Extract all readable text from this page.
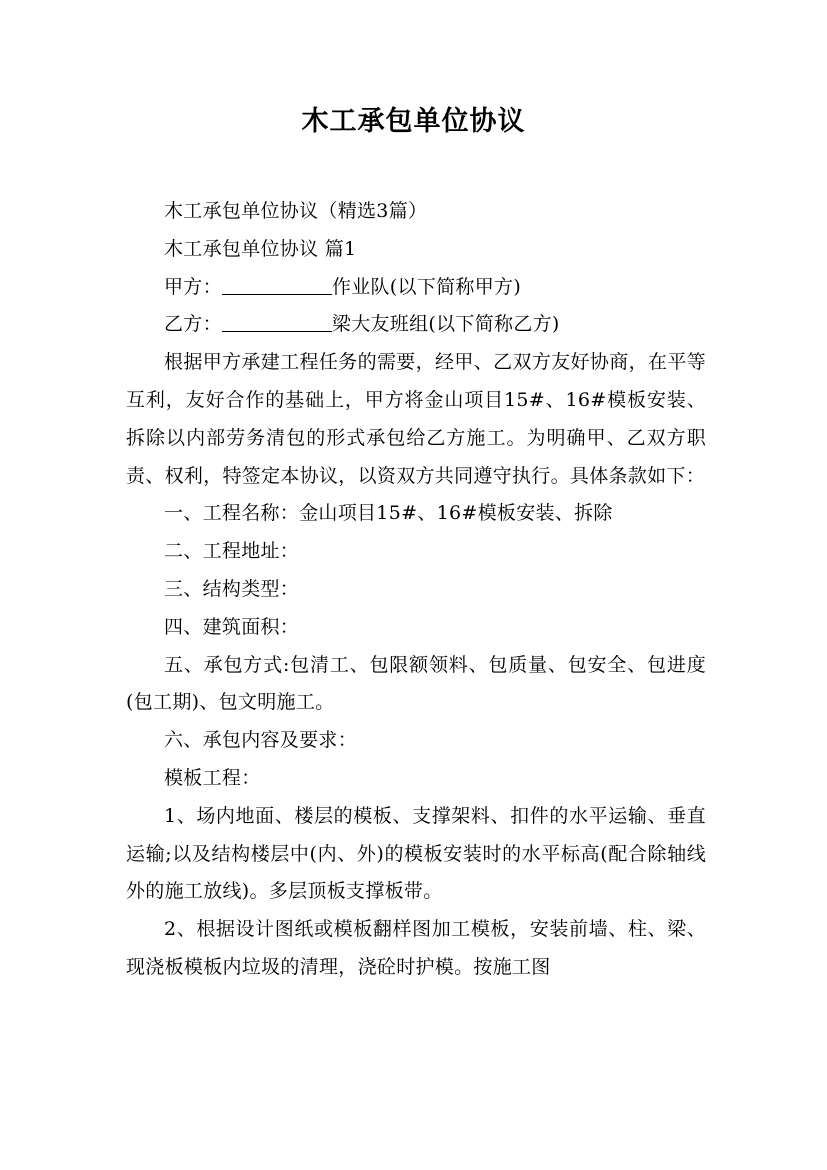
木工承包单位协议

木工承包单位协议（精选3篇）

木工承包单位协议 篇1

甲方：	作业队(以下简称甲方)

乙方：	梁大友班组(以下简称乙方)

根据甲方承建工程任务的需要，经甲、乙双方友好协商，在平等互利，友好合作的基础上，甲方将金山项目15#、16#模板安装、拆除以内部劳务清包的形式承包给乙方施工。为明确甲、乙双方职责、权利，特签定本协议，以资双方共同遵守执行。具体条款如下：

一、工程名称：金山项目15#、16#模板安装、拆除

二、工程地址：

三、结构类型：

四、建筑面积：

五、承包方式:包清工、包限额领料、包质量、包安全、包进度(包工期)、包文明施工。

六、承包内容及要求：

模板工程：

1、场内地面、楼层的模板、支撑架料、扣件的水平运输、垂直运输;以及结构楼层中(内、外)的模板安装时的水平标高(配合除轴线外的施工放线)。多层顶板支撑板带。

2、根据设计图纸或模板翻样图加工模板，安装前墙、柱、梁、现浇板模板内垃圾的清理，浇砼时护模。按施工图
